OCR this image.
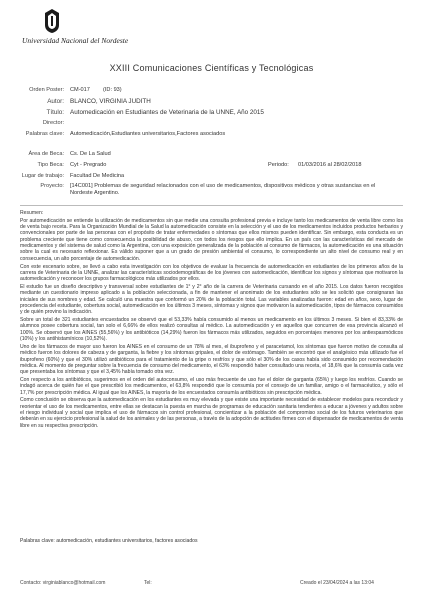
Universidad Nacional del Nordeste
XXIII Comunicaciones Científicas y Tecnológicas
Orden Poster: CM-017 (ID: 93)
Autor: BLANCO, VIRGINIA JUDITH
Título: Automedicación en Estudiantes de Veterinaria de la UNNE, Año 2015
Director:
Palabras clave: Automedicación,Estudiantes universitarios,Factores asociados
Área de Beca: Cs. De La Salud
Tipo Beca: Cyt - Pregrado	Periodo: 01/03/2016 al 28/02/2018
Lugar de trabajo: Facultad De Medicina
Proyecto: [14C001] Problemas de seguridad relacionados con el uso de medicamentos, dispositivos médicos y otras sustancias en el Nordeste Argentino.

Resumen:

Por automedicación se entiende la utilización de medicamentos sin que medie una consulta profesional previa e incluye tanto los medicamentos de venta libre como los de venta bajo receta. Para la Organización Mundial de la Salud la automedicación consiste en la selección y el uso de los medicamentos incluidos productos herbarios y convencionales por parte de las personas con el propósito de tratar enfermedades o síntomas que ellos mismos pueden identificar. Sin embargo, esta conducta es un problema creciente que tiene como consecuencia la posibilidad de abuso, con todos los riesgos que ello implica. En un país con las características del mercado de medicamentos y del sistema de salud como la Argentina, con una exposición generalizada de la población al consumo de fármacos, la automedicación es una situación sobre la cual es necesario reflexionar. Es válido suponer que a un grado de presión ambiental el consumo, lo correspondiente un alto nivel de consumo real y en consecuencia, un alto porcentaje de automedicación.

Con este escenario sobre, se llevó a cabo esta investigación con los objetivos de evaluar la frecuencia de automedicación en estudiantes de los primeros años de la carrera de Veterinaria de la UNNE, analizar las características sociodemográficas de los jóvenes con automedicación, identificar los signos y síntomas que motivaron la automedicación y reconocer los grupos farmacológicos más utilizados por ellos.

El estudio fue un diseño descriptivo y transversal sobre estudiantes de 1° y 2° año de la carrera de Veterinaria cursando en el año 2015. Los datos fueron recogidos mediante un cuestionario impreso aplicado a la población seleccionada, a fin de mantener el anonimato de los estudiantes sólo se les solicitó que consignaran las iniciales de sus nombres y edad. Se calculó una muestra que conformó un 20% de la población total. Las variables analizadas fueron: edad en años, sexo, lugar de procedencia del estudiante, cobertura social, automedicación en los últimos 3 meses, síntomas y signos que motivaron la automedicación, tipos de fármacos consumidos y de quién provino la indicación.

Sobre un total de 321 estudiantes encuestados se observó que el 53,33% había consumido al menos un medicamento en los últimos 3 meses. Si bien el 83,33% de alumnos posee cobertura social, tan solo el 6,66% de ellos realizó consultas al médico. La automedicación y en aquellos que concurren de esa provincia alcanzó el 100%. Se observó que los AINES (55,56%) y los antibióticos (14,29%) fueron los fármacos más utilizados, seguidos en porcentajes menores por los antiespasmódicos (10%) y los antihistamínicos (10,52%).

Uno de los fármacos de mayor uso fueron los AINES en el consumo de un 78% al mes, el ibuprofeno y el paracetamol, los síntomas que fueron motivo de consulta al médico fueron los dolores de cabeza y de garganta, la fiebre y los síntomas gripales, el dolor de estómago. También se encontró que el analgésico más utilizado fue el ibuprofeno (60%) y que el 30% utilizó antibióticos para el tratamiento de la gripe o resfríos y que sólo el 30% de los casos había sido consumido por recomendación médica. Al momento de preguntar sobre la frecuencia de consumo del medicamento, el 63% respondió haber consultado una receta, el 18,6% que la consumía cada vez que presentaba los síntomas y que el 3,45% había tomado otra vez.

Con respecto a los antibióticos, sugerimos en el orden del autoconsumo, el uso más frecuente de uso fue el dolor de garganta (65%) y luego los resfríos. Cuando se indagó acerca de quién fue el que prescribió los medicamentos, el 63,8% respondió que lo consumía por el consejo de un familiar, amigo o el farmacéutico, y sólo el 17,7% por prescripción médica. Al igual que los AINES, la mayoría de los encuestados consumía antibióticos sin prescripción médica.

Como conclusión se observa que la automedicación en los estudiantes es muy elevada y que existe una importante necesidad de establecer modelos para reconducir y reorientar el uso de los medicamentos, entre ellas se destacan la puesta en marcha de programas de educación sanitaria tendientes a educar a jóvenes y adultos sobre el riesgo individual y social que implica el uso de fármacos sin control profesional, concientizar a la población del compromiso social de los futuros veterinarios que deberán en su ejercicio profesional la salud de los animales y de las personas, a través de la adopción de actitudes firmes con el dispensador de medicamentos de venta libre en su respectiva prescripción.

Palabras clave: automedicación, estudiantes universitarios, factores asociados
Contacto: virginiablanco@hotmail.com	Tel:	Creado el 23/04/2024 a las 13:04
